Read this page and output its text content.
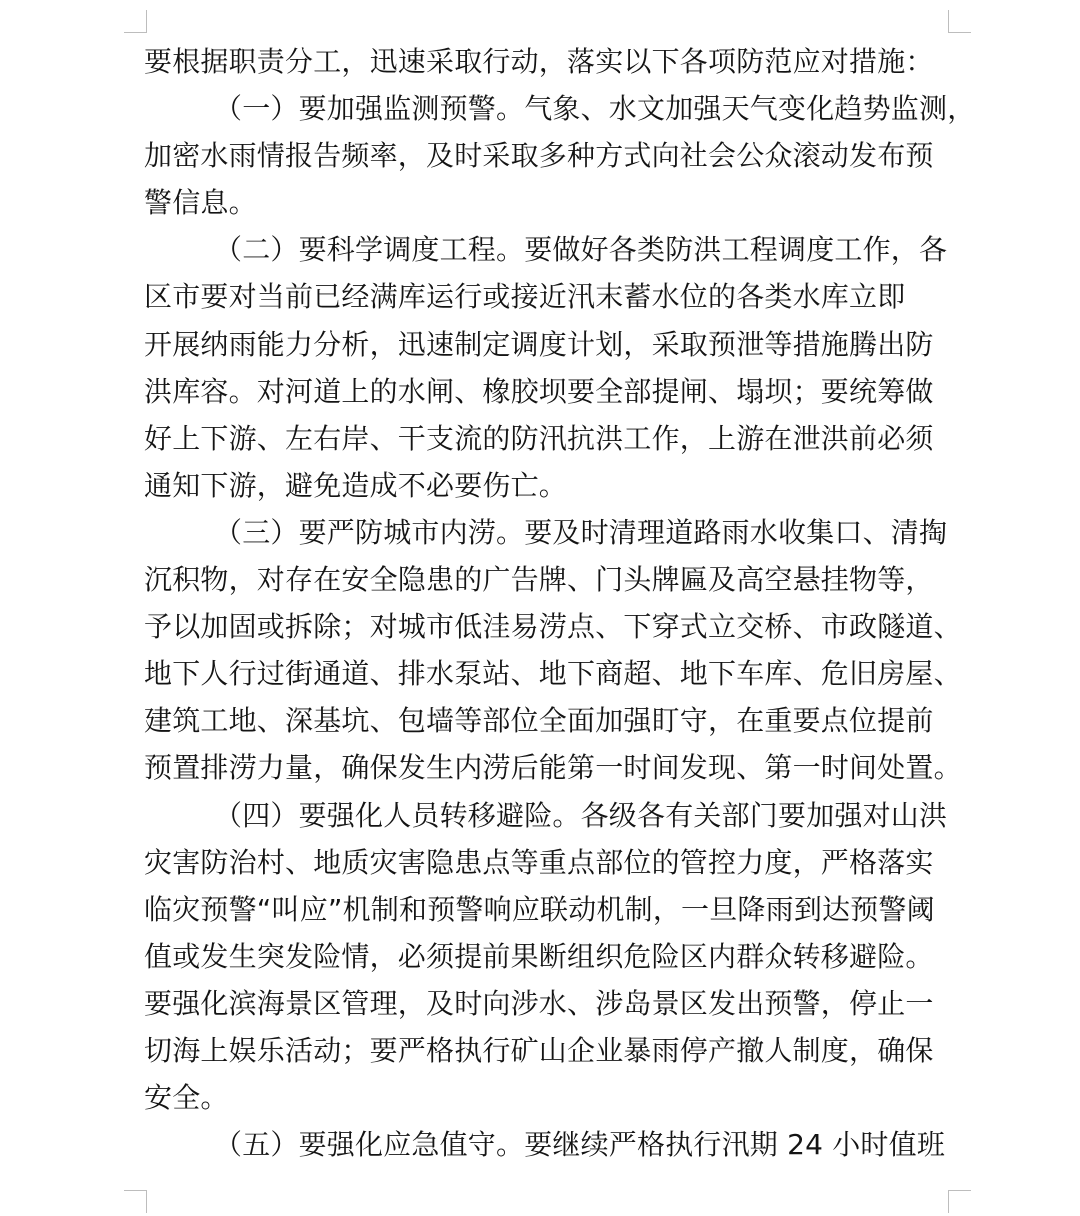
要根据职责分工，迅速采取行动，落实以下各项防范应对措施：
（一）要加强监测预警。气象、水文加强天气变化趋势监测，
加密水雨情报告频率，及时采取多种方式向社会公众滚动发布预
警信息。
（二）要科学调度工程。要做好各类防洪工程调度工作，各
区市要对当前已经满库运行或接近汛末蓄水位的各类水库立即
开展纳雨能力分析，迅速制定调度计划，采取预泄等措施腾出防
洪库容。对河道上的水闸、橡胶坝要全部提闸、塌坝；要统筹做
好上下游、左右岸、干支流的防汛抗洪工作，上游在泄洪前必须
通知下游，避免造成不必要伤亡。
（三）要严防城市内涝。要及时清理道路雨水收集口、清掏
沉积物，对存在安全隐患的广告牌、门头牌匾及高空悬挂物等，
予以加固或拆除；对城市低洼易涝点、下穿式立交桥、市政隧道、
地下人行过街通道、排水泵站、地下商超、地下车库、危旧房屋、
建筑工地、深基坑、包墙等部位全面加强盯守，在重要点位提前
预置排涝力量，确保发生内涝后能第一时间发现、第一时间处置。
（四）要强化人员转移避险。各级各有关部门要加强对山洪
灾害防治村、地质灾害隐患点等重点部位的管控力度，严格落实
临灾预警“叫应”机制和预警响应联动机制，一旦降雨到达预警阈
值或发生突发险情，必须提前果断组织危险区内群众转移避险。
要强化滨海景区管理，及时向涉水、涉岛景区发出预警，停止一
切海上娱乐活动；要严格执行矿山企业暴雨停产撤人制度，确保
安全。
（五）要强化应急值守。要继续严格执行汛期 24 小时值班
